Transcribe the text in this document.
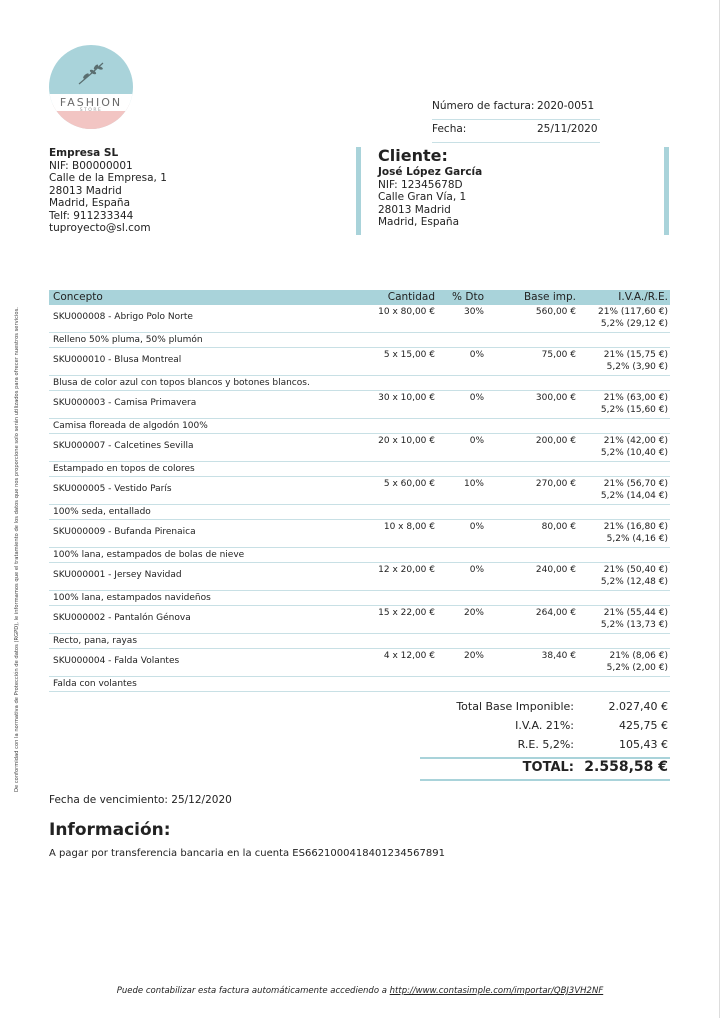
FASHION
STORE	Número de factura: 2020-0051
Fecha:	25/11/2020
Empresa SL
NIF: B00000001
Calle de la Empresa, 1
28013 Madrid
Madrid, España
Telf: 911233344
tuproyecto@sl.com
De conformidad con la normativa de Protección de datos (RGPD), le informamos que el tratamiento de los datos que nos proporcione solo serán utilizados para ofrecer nuestros servicios.
Cliente:
José López García
NIF: 12345678D
Calle Gran Vía, 1
28013 Madrid
Madrid, España
Concepto	Cantidad % Dto	Base imp.	I.V.A./R.E.
SKU000008 - Abrigo Polo Norte	10 x 80,00 €	30%	560,00 € 21% (117,60 €)
5,2% (29,12 €)
Relleno 50% pluma, 50% plumón
SKU000010 - Blusa Montreal	5 x 15,00 €	0%	75,00 €	21% (15,75 €)
5,2% (3,90 €)
Blusa de color azul con topos blancos y botones blancos.
SKU000003 - Camisa Primavera	30 x 10,00 €	0%	300,00 €	21% (63,00 €)
5,2% (15,60 €)
Camisa floreada de algodón 100%
SKU000007 - Calcetines Sevilla	20 x 10,00 €	0%	200,00 €	21% (42,00 €)
5,2% (10,40 €)
Estampado en topos de colores
SKU000005 - Vestido París	5 x 60,00 €	10%	270,00 €	21% (56,70 €)
5,2% (14,04 €)
100% seda, entallado
SKU000009 - Bufanda Pirenaica	10 x 8,00 €	0%	80,00 €	21% (16,80 €)
5,2% (4,16 €)
100% lana, estampados de bolas de nieve
SKU000001 - Jersey Navidad	12 x 20,00 €	0%	240,00 €	21% (50,40 €)
5,2% (12,48 €)
100% lana, estampados navideños
SKU000002 - Pantalón Génova	15 x 22,00 €	20%	264,00 €	21% (55,44 €)
5,2% (13,73 €)
Recto, pana, rayas
SKU000004 - Falda Volantes	4 x 12,00 €	20%	38,40 €	21% (8,06 €)
5,2% (2,00 €)
Falda con volantes
Total Base Imponible:	2.027,40 €
I.V.A. 21%:	425,75 €
R.E. 5,2%:	105,43 €
TOTAL: 2.558,58 €
Fecha de vencimiento: 25/12/2020
Información:
A pagar por transferencia bancaria en la cuenta ES6621000418401234567891
Puede contabilizar esta factura automáticamente accediendo a http://www.contasimple.com/importar/QBJ3VH2NF
